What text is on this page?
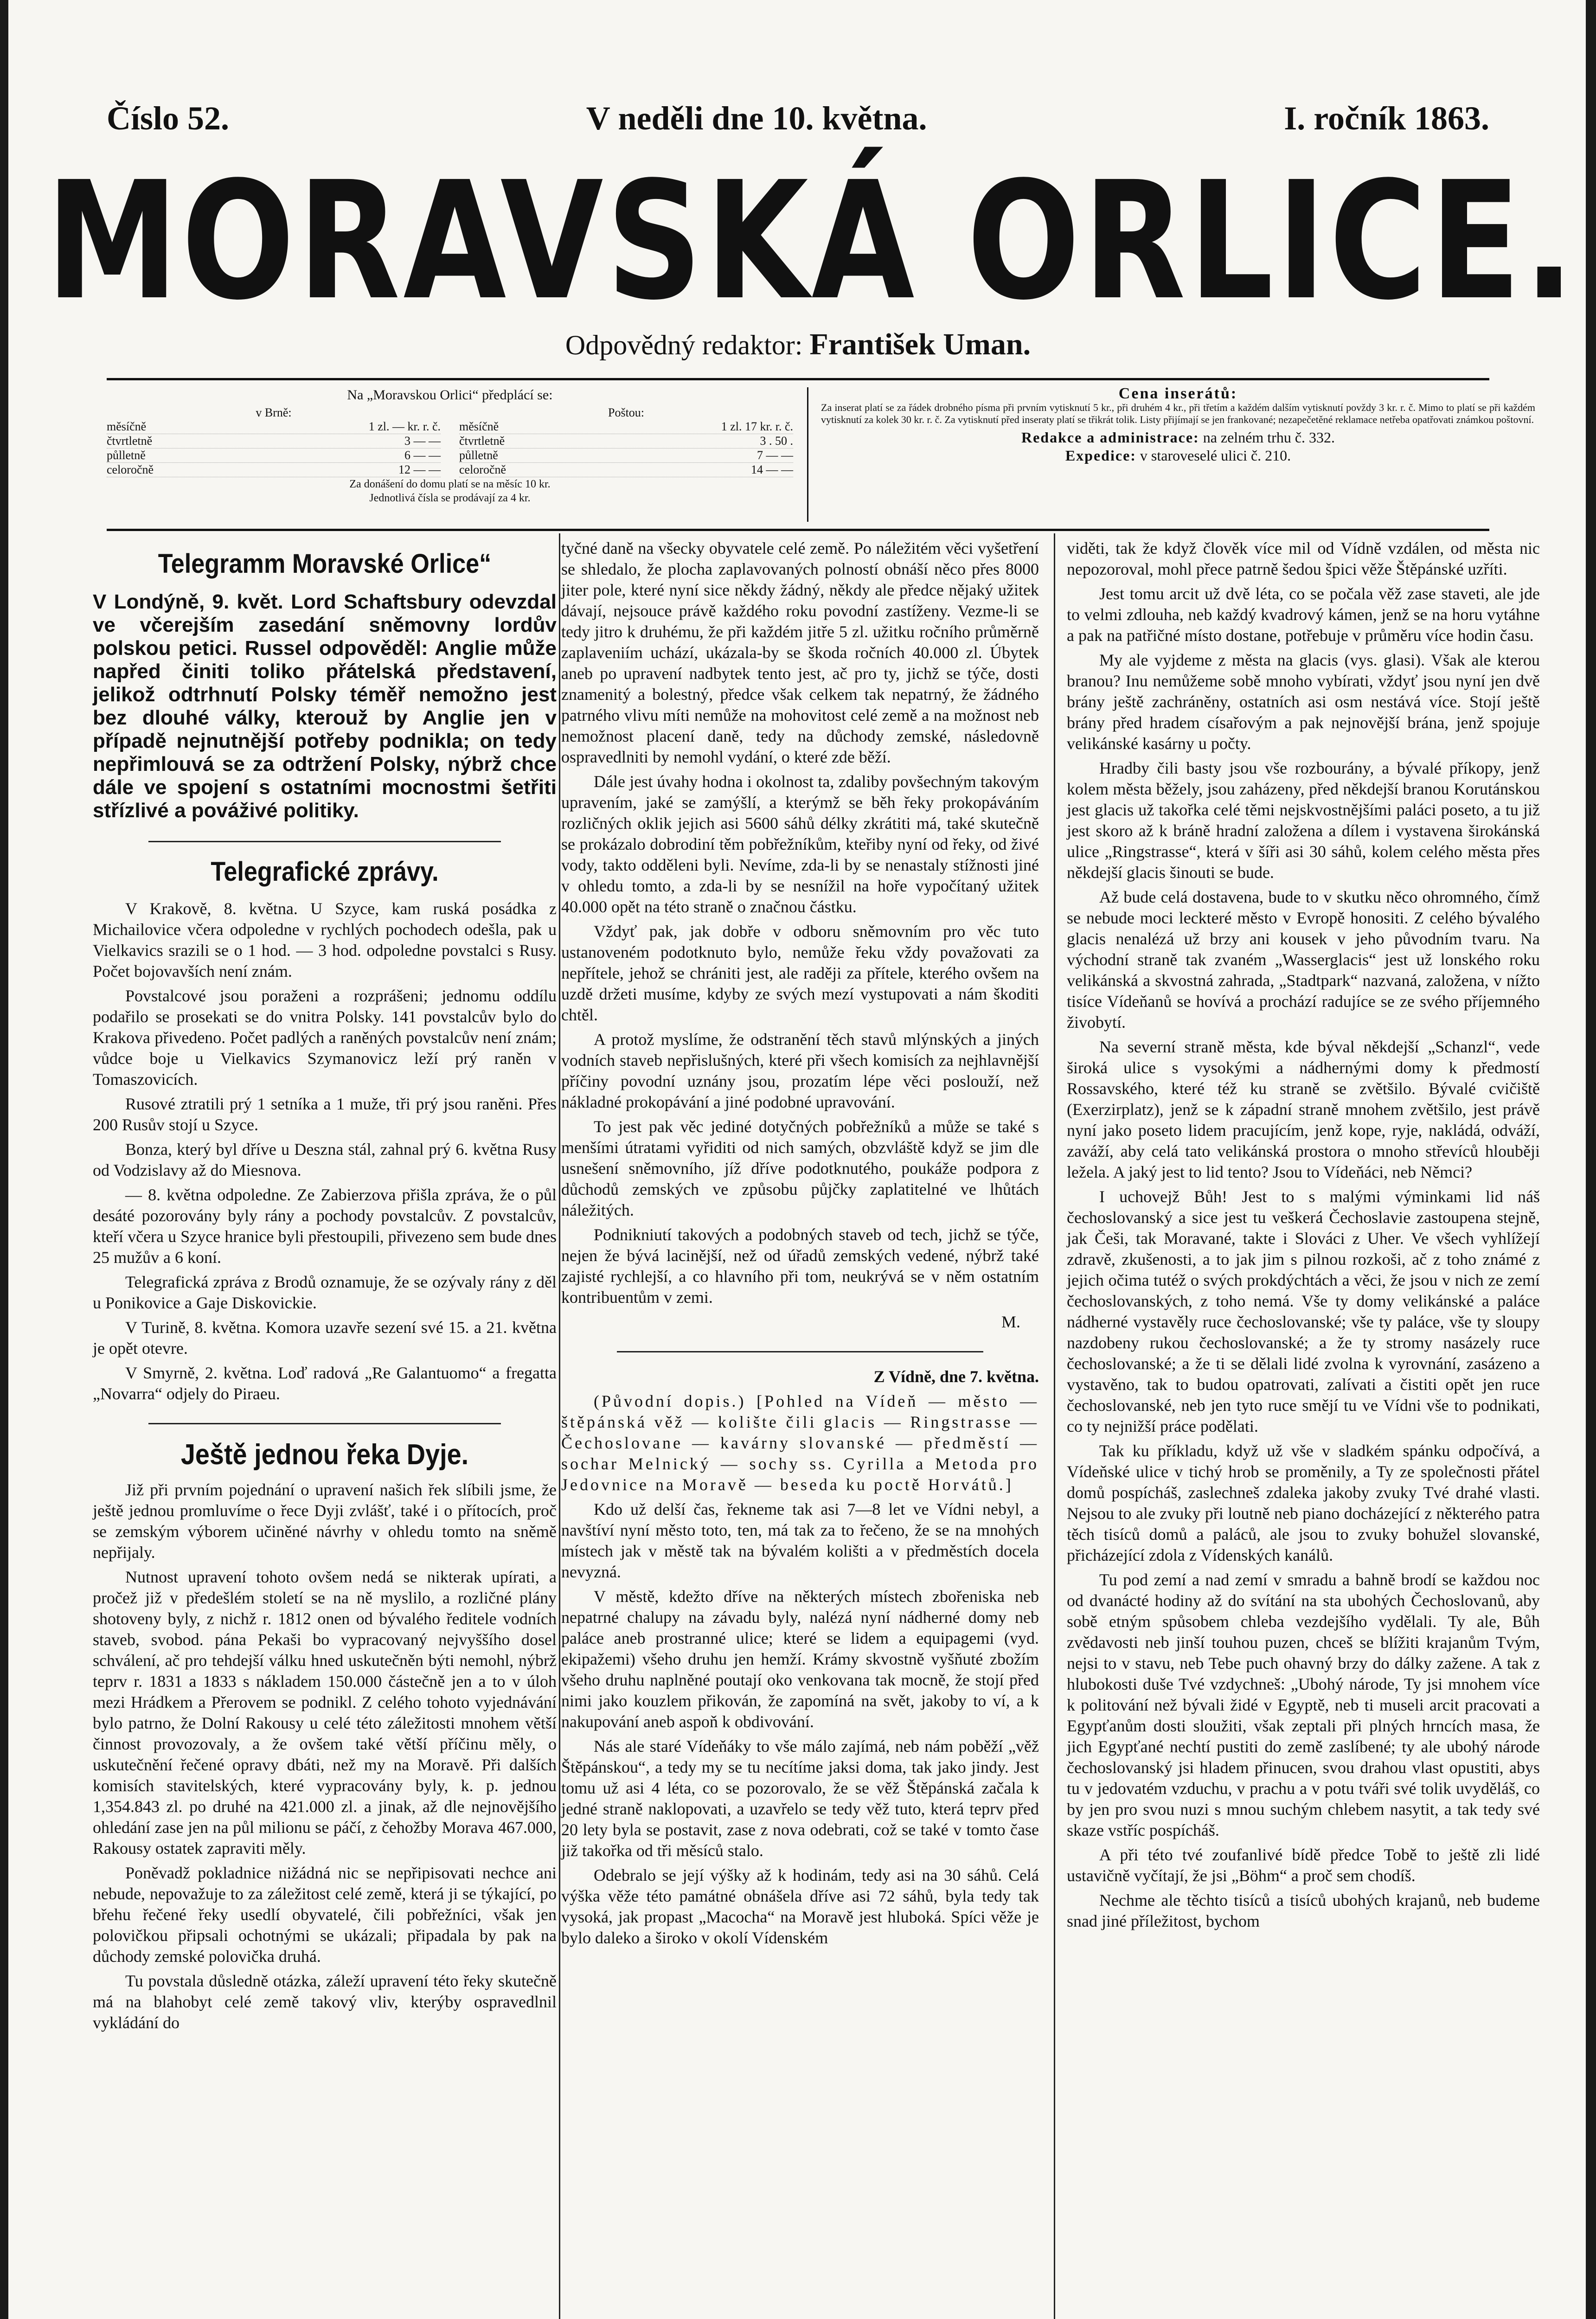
Číslo 52.	V neděli dne 10. května.	I. ročník 1863.
MORAVSKÁ ORLICE.
Odpovědný redaktor: František Uman.
Na „Moravskou Orlici“ předplácí se:
v Brně:
měsíčně	1 zl. — kr. r. č.
čtvrtletně	3 — —
půlletně	6 — —
celoročně	12 — —
Poštou:
měsíčně	1 zl. 17 kr. r. č.
čtvrtletně	3 . 50 .
půlletně	7 — —
celoročně	14 — —
Za donášení do domu platí se na měsíc 10 kr.
Jednotlivá čísla se prodávají za 4 kr.
Cena inserátů:
Za inserat platí se za řádek drobného písma při prvním vytisknutí 5 kr., při druhém 4 kr., při třetím a každém dalším vytisknutí povždy 3 kr. r. č. Mimo to platí se při každém vytisknutí za kolek 30 kr. r. č. Za vytisknutí před inseraty platí se třikrát tolik. Listy přijímají se jen frankované; nezapečetěné reklamace netřeba opatřovati známkou poštovní.
Redakce a administrace: na zelném trhu č. 332.
Expedice: v staroveselé ulici č. 210.
Telegramm Moravské Orlice“
V Londýně, 9. květ. Lord Schaftsbury odevzdal ve včerejším zasedání sněmovny lordův polskou petici. Russel odpověděl: Anglie může napřed činiti toliko přátelská představení, jelikož odtrhnutí Polsky téměř nemožno jest bez dlouhé války, kterouž by Anglie jen v případě nejnutnější potřeby podnikla; on tedy nepřimlouvá se za odtržení Polsky, nýbrž chce dále ve spojení s ostatními mocnostmi šetřiti střízlivé a pováživé politiky.
Telegrafické zprávy.

V Krakově, 8. května. U Szyce, kam ruská posádka z Michailovice včera odpoledne v rychlých pochodech odešla, pak u Vielkavics srazili se o 1 hod. — 3 hod. odpoledne povstalci s Rusy. Počet bojovavších není znám.

Povstalcové jsou poraženi a rozprášeni; jednomu oddílu podařilo se prosekati se do vnitra Polsky. 141 povstalcův bylo do Krakova přivedeno. Počet padlých a raněných povstalcův není znám; vůdce boje u Vielkavics Szymanovicz leží prý raněn v Tomaszovicích.

Rusové ztratili prý 1 setníka a 1 muže, tři prý jsou raněni. Přes 200 Rusův stojí u Szyce.

Bonza, který byl dříve u Deszna stál, zahnal prý 6. května Rusy od Vodzislavy až do Miesnova.

— 8. května odpoledne. Ze Zabierzova přišla zpráva, že o půl desáté pozorovány byly rány a pochody povstalcův. Z povstalcův, kteří včera u Szyce hranice byli přestoupili, přivezeno sem bude dnes 25 mužův a 6 koní.

Telegrafická zpráva z Brodů oznamuje, že se ozývaly rány z děl u Ponikovice a Gaje Diskovickie.

V Turině, 8. května. Komora uzavře sezení své 15. a 21. května je opět otevre.

V Smyrně, 2. května. Loď radová „Re Galantuomo“ a fregatta „Novarra“ odjely do Piraeu.

Ještě jednou řeka Dyje.

Již při prvním pojednání o upravení našich řek slíbili jsme, že ještě jednou promluvíme o řece Dyji zvlášť, také i o přítocích, proč se zemským výborem učiněné návrhy v ohledu tomto na sněmě nepřijaly.

Nutnost upravení tohoto ovšem nedá se nikterak upírati, a pročež již v předešlém století se na ně myslilo, a rozličné plány shotoveny byly, z nichž r. 1812 onen od bývalého ředitele vodních staveb, svobod. pána Pekaši bo vypracovaný nejvyššího dosel schválení, ač pro tehdejší válku hned uskutečněn býti nemohl, nýbrž teprv r. 1831 a 1833 s nákladem 150.000 částečně jen a to v úloh mezi Hrádkem a Přerovem se podnikl. Z celého tohoto vyjednávání bylo patrno, že Dolní Rakousy u celé této záležitosti mnohem větší činnost provozovaly, a že ovšem také větší příčinu měly, o uskutečnění řečené opravy dbáti, než my na Moravě. Při dalších komisích stavitelských, které vypracovány byly, k. p. jednou 1,354.843 zl. po druhé na 421.000 zl. a jinak, až dle nejnovějšího ohledání zase jen na půl milionu se páčí, z čehožby Morava 467.000, Rakousy ostatek zapraviti měly.

Poněvadž pokladnice nižádná nic se nepřipisovati nechce ani nebude, nepovažuje to za záležitost celé země, která ji se týkající, po břehu řečené řeky usedlí obyvatelé, čili pobřežníci, však jen polovičkou připsali ochotnými se ukázali; připadala by pak na důchody zemské polovička druhá.

Tu povstala důsledně otázka, záleží upravení této řeky skutečně má na blahobyt celé země takový vliv, kterýby ospravedlnil vykládání do

tyčné daně na všecky obyvatele celé země. Po náležitém věci vyšetření se shledalo, že plocha zaplavovaných polností obnáší něco přes 8000 jiter pole, které nyní sice někdy žádný, někdy ale předce nějaký užitek dávají, nejsouce právě každého roku povodní zastíženy. Vezme-li se tedy jitro k druhému, že při každém jitře 5 zl. užitku ročního průměrně zaplaveniím uchází, ukázala-by se škoda ročních 40.000 zl. Úbytek aneb po upravení nadbytek tento jest, ač pro ty, jichž se týče, dosti znamenitý a bolestný, předce však celkem tak nepatrný, že žádného patrného vlivu míti nemůže na mohovitost celé země a na možnost neb nemožnost placení daně, tedy na důchody zemské, následovně ospravedlniti by nemohl vydání, o které zde běží.

Dále jest úvahy hodna i okolnost ta, zdaliby povšechným takovým upravením, jaké se zamýšlí, a kterýmž se běh řeky prokopáváním rozličných oklik jejich asi 5600 sáhů délky zkrátiti má, také skutečně se prokázalo dobrodiní těm pobřežníkům, kteřiby nyní od řeky, od živé vody, takto odděleni byli. Nevíme, zda-li by se nenastaly stížnosti jiné v ohledu tomto, a zda-li by se nesnížil na hoře vypočítaný užitek 40.000 opět na této straně o značnou částku.

Vždyť pak, jak dobře v odboru sněmovním pro věc tuto ustanoveném podotknuto bylo, nemůže řeku vždy považovati za nepřítele, jehož se chrániti jest, ale raději za přítele, kterého ovšem na uzdě držeti musíme, kdyby ze svých mezí vystupovati a nám škoditi chtěl.

A protož myslíme, že odstranění těch stavů mlýnských a jiných vodních staveb nepřislušných, které při všech komisích za nejhlavnější příčiny povodní uznány jsou, prozatím lépe věci poslouží, než nákladné prokopávání a jiné podobné upravování.

To jest pak věc jediné dotyčných pobřežníků a může se také s menšími útratami vyřiditi od nich samých, obzvláště když se jim dle usnešení sněmovního, jíž dříve podotknutého, poukáže podpora z důchodů zemských ve způsobu půjčky zaplatitelné ve lhůtách náležitých.

Podnikniutí takových a podobných staveb od tech, jichž se týče, nejen že bývá lacinější, než od úřadů zemských vedené, nýbrž také zajisté rychlejší, a co hlavního při tom, neukrývá se v něm ostatním kontribuentům v zemi.

M.

Z Vídně, dne 7. května.

(Původní dopis.) [Pohled na Vídeň — město — štěpánská věž — kolište čili glacis — Ringstrasse — Čechoslovane — kavárny slovanské — předměstí — sochar Melnický — sochy ss. Cyrilla a Metoda pro Jedovnice na Moravě — beseda ku poctě Horvátů.]

Kdo už delší čas, řekneme tak asi 7—8 let ve Vídni nebyl, a navštíví nyní město toto, ten, má tak za to řečeno, že se na mnohých místech jak v městě tak na bývalém kolišti a v předměstích docela nevyzná.

V městě, kdežto dříve na některých místech zbořeniska neb nepatrné chalupy na závadu byly, nalézá nyní nádherné domy neb paláce aneb prostranné ulice; které se lidem a equipagemi (vyd. ekipažemi) všeho druhu jen hemží. Krámy skvostně vyšňuté zbožím všeho druhu naplněné poutají oko venkovana tak mocně, že stojí před nimi jako kouzlem přikován, že zapomíná na svět, jakoby to ví, a k nakupování aneb aspoň k obdivování.

Nás ale staré Vídeňáky to vše málo zajímá, neb nám poběží „věž Štěpánskou“, a tedy my se tu necítíme jaksi doma, tak jako jindy. Jest tomu už asi 4 léta, co se pozorovalo, že se věž Štěpánská začala k jedné straně naklopovati, a uzavřelo se tedy věž tuto, která teprv před 20 lety byla se postavit, zase z nova odebrati, což se také v tomto čase již takořka od tři měsíců stalo.

Odebralo se její výšky až k hodinám, tedy asi na 30 sáhů. Celá výška věže této památné obnášela dříve asi 72 sáhů, byla tedy tak vysoká, jak propast „Macocha“ na Moravě jest hluboká. Spíci věže je bylo daleko a široko v okolí Vídenském

viděti, tak že když člověk více mil od Vídně vzdálen, od města nic nepozoroval, mohl přece patrně šedou špici věže Štěpánské uzříti.

Jest tomu arcit už dvě léta, co se počala věž zase staveti, ale jde to velmi zdlouha, neb každý kvadrový kámen, jenž se na horu vytáhne a pak na patřičné místo dostane, potřebuje v průměru více hodin času.

My ale vyjdeme z města na glacis (vys. glasi). Však ale kterou branou? Inu nemůžeme sobě mnoho vybírati, vždyť jsou nyní jen dvě brány ještě zachráněny, ostatních asi osm nestává více. Stojí ještě brány před hradem císařovým a pak nejnovější brána, jenž spojuje velikánské kasárny u počty.

Hradby čili basty jsou vše rozbourány, a bývalé příkopy, jenž kolem města běžely, jsou zaházeny, před někdejší branou Korutánskou jest glacis už takořka celé těmi nejskvostnějšími paláci poseto, a tu již jest skoro až k bráně hradní založena a dílem i vystavena širokánská ulice „Ringstrasse“, která v šíři asi 30 sáhů, kolem celého města přes někdejší glacis šinouti se bude.

Až bude celá dostavena, bude to v skutku něco ohromného, čímž se nebude moci leckteré město v Evropě honositi. Z celého bývalého glacis nenalézá už brzy ani kousek v jeho původním tvaru. Na východní straně tak zvaném „Wasserglacis“ jest už lonského roku velikánská a skvostná zahrada, „Stadtpark“ nazvaná, založena, v nížto tisíce Vídeňanů se hovívá a prochází radujíce se ze svého příjemného živobytí.

Na severní straně města, kde býval někdejší „Schanzl“, vede široká ulice s vysokými a nádhernými domy k předmostí Rossavského, které též ku straně se zvětšilo. Bývalé cvičiště (Exerzirplatz), jenž se k západní straně mnohem zvětšilo, jest právě nyní jako poseto lidem pracujícím, jenž kope, ryje, nakládá, odváží, zaváží, aby celá tato velikánská prostora o mnoho střevíců hlouběji ležela. A jaký jest to lid tento? Jsou to Vídeňáci, neb Němci?

I uchovejž Bůh! Jest to s malými výminkami lid náš čechoslovanský a sice jest tu veškerá Čechoslavie zastoupena stejně, jak Češi, tak Moravané, takte i Slováci z Uher. Ve všech vyhlížejí zdravě, zkušenosti, a to jak jim s pilnou rozkoši, ač z toho známé z jejich očima tutéž o svých prokdýchtách a věci, že jsou v nich ze zemí čechoslovanských, z toho nemá. Vše ty domy velikánské a paláce nádherné vystavěly ruce čechoslovanské; vše ty paláce, vše ty sloupy nazdobeny rukou čechoslovanské; a že ty stromy nasázely ruce čechoslovanské; a že ti se dělali lidé zvolna k vyrovnání, zasázeno a vystavěno, tak to budou opatrovati, zalívati a čistiti opět jen ruce čechoslovanské, neb jen tyto ruce smějí tu ve Vídni vše to podnikati, co ty nejnižší práce podělati.

Tak ku příkladu, když už vše v sladkém spánku odpočívá, a Vídeňské ulice v tichý hrob se proměnily, a Ty ze společnosti přátel domů pospícháš, zaslechneš zdaleka jakoby zvuky Tvé drahé vlasti. Nejsou to ale zvuky při loutně neb piano docházející z některého patra těch tisíců domů a paláců, ale jsou to zvuky bohužel slovanské, přicházející zdola z Vídenských kanálů.

Tu pod zemí a nad zemí v smradu a bahně brodí se každou noc od dvanácté hodiny až do svítání na sta ubohých Čechoslovanů, aby sobě etným spůsobem chleba vezdejšího vydělali. Ty ale, Bůh zvědavosti neb jinší touhou puzen, chceš se blížiti krajanům Tvým, nejsi to v stavu, neb Tebe puch ohavný brzy do dálky zažene. A tak z hlubokosti duše Tvé vzdychneš: „Ubohý národe, Ty jsi mnohem více k politování než bývali židé v Egyptě, neb ti museli arcit pracovati a Egypťanům dosti sloužiti, však zeptali při plných hrncích masa, že jich Egypťané nechtí pustiti do země zaslíbené; ty ale ubohý národe čechoslovanský jsi hladem přinucen, svou drahou vlast opustiti, abys tu v jedovatém vzduchu, v prachu a v potu tváři své tolik uvyděláš, co by jen pro svou nuzi s mnou suchým chlebem nasytit, a tak tedy své skaze vstříc pospícháš.

A při této tvé zoufanlivé bídě předce Tobě to ještě zli lidé ustavičně vyčítají, že jsi „Böhm“ a proč sem chodíš.

Nechme ale těchto tisíců a tisíců ubohých krajanů, neb budeme snad jiné příležitost, bychom
